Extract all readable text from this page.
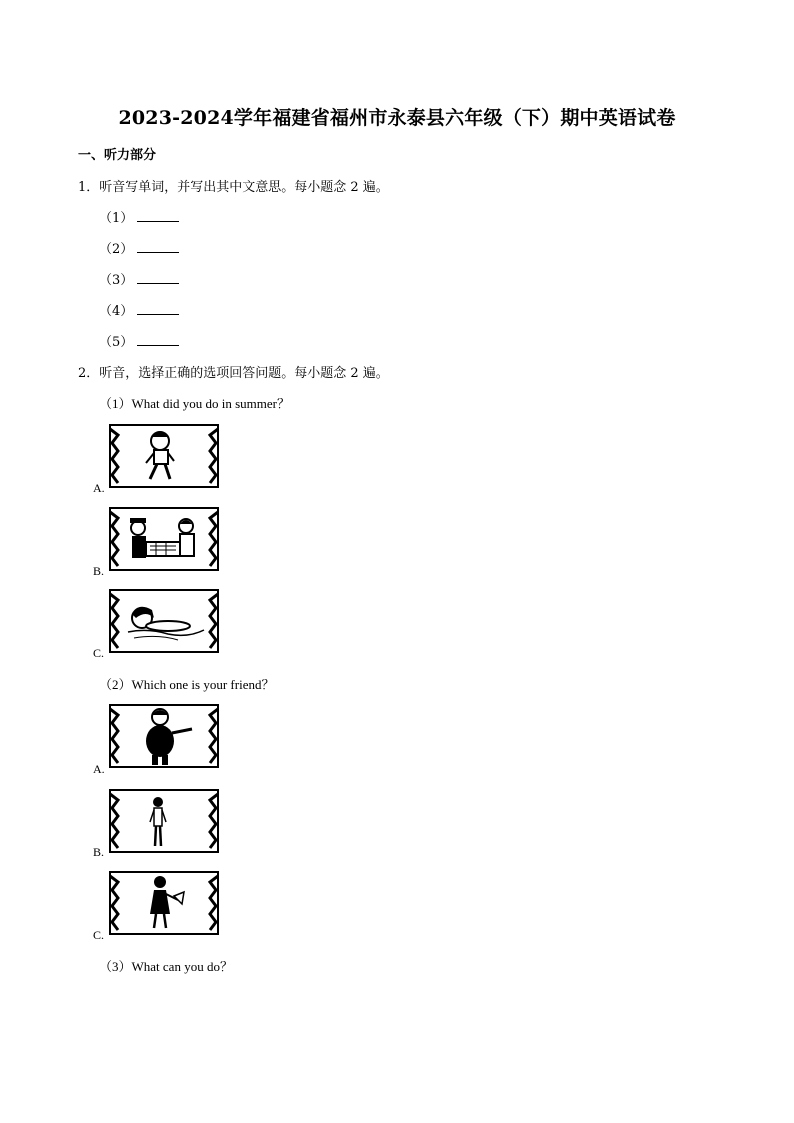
2023-2024学年福建省福州市永泰县六年级（下）期中英语试卷
一、听力部分
1．听音写单词，并写出其中文意思。每小题念 2 遍。
（1）
（2）
（3）
（4）
（5）
2．听音，选择正确的选项回答问题。每小题念 2 遍。
（1）What did you do in summer？
A.
B.
C.
（2）Which one is your friend？
A.
B.
C.
（3）What can you do？
